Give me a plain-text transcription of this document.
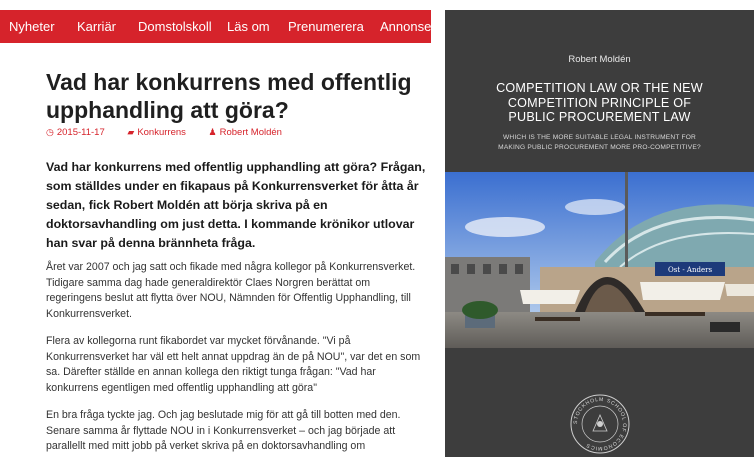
Nyheter Karriär Domstolskoll Läs om Prenumerera Annonsera
Vad har konkurrens med offentlig upphandling att göra?
◷ 2015-11-17	▰ Konkurrens	♟ Robert Moldén

Vad har konkurrens med offentlig upphandling att göra? Frågan, som ställdes under en fikapaus på Konkurrensverket för åtta år sedan, fick Robert Moldén att börja skriva på en doktorsavhandling om just detta. I kommande krönikor utlovar han svar på denna brännheta fråga.

Året var 2007 och jag satt och fikade med några kollegor på Konkurrensverket. Tidigare samma dag hade generaldirektör Claes Norgren berättat om regeringens beslut att flytta över NOU, Nämnden för Offentlig Upphandling, till Konkurrensverket.

Flera av kollegorna runt fikabordet var mycket förvånande. "Vi på Konkurrensverket har väl ett helt annat uppdrag än de på NOU", var det en som sa. Därefter ställde en annan kollega den riktigt tunga frågan: "Vad har konkurrens egentligen med offentlig upphandling att göra"

En bra fråga tyckte jag. Och jag beslutade mig för att gå till botten med den. Senare samma år flyttade NOU in i Konkurrensverket – och jag började att parallellt med mitt jobb på verket skriva på en doktorsavhandling om

Robert Moldén
COMPETITION LAW OR THE NEW
COMPETITION PRINCIPLE OF
PUBLIC PROCUREMENT LAW
WHICH IS THE MORE SUITABLE LEGAL INSTRUMENT FOR
MAKING PUBLIC PROCUREMENT MORE PRO-COMPETITIVE?
Ost - Anders
STOCKHOLM SCHOOL OF ECONOMICS
